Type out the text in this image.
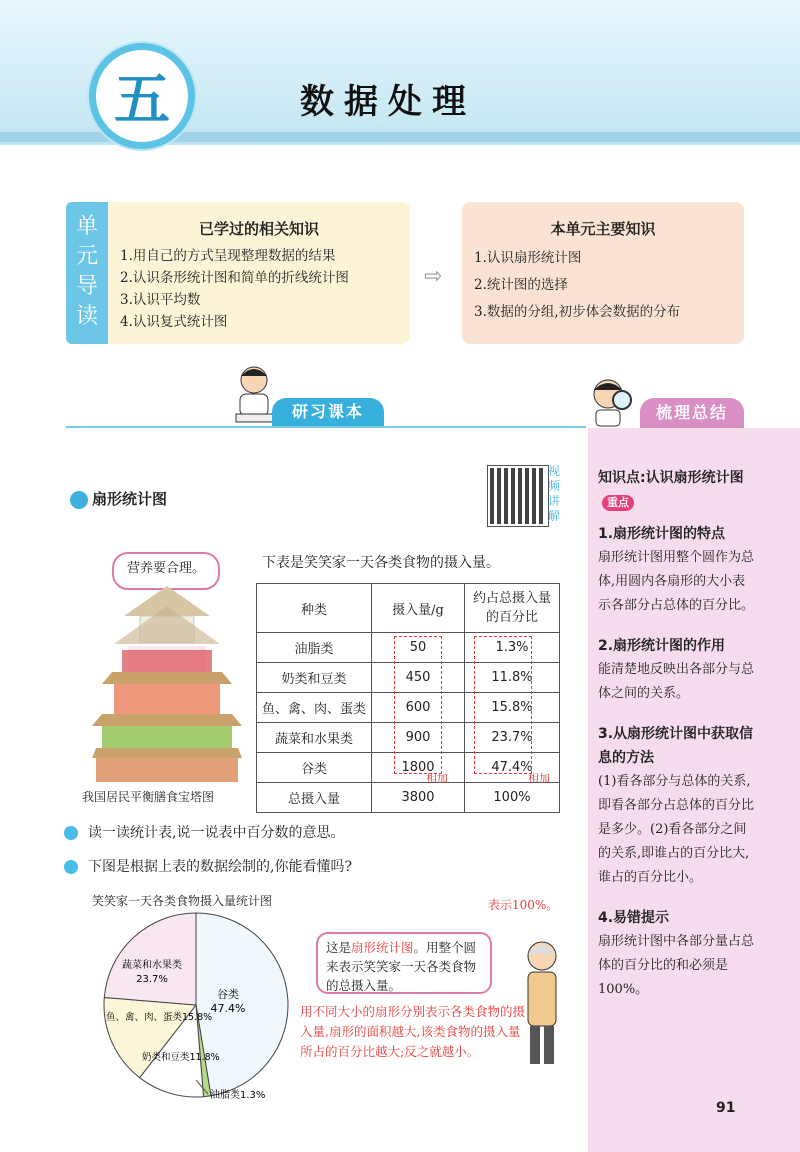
五	数据处理
单元导读
已学过的相关知识
1.用自己的方式呈现整理数据的结果
2.认识条形统计图和简单的折线统计图
3.认识平均数
4.认识复式统计图
⇨
本单元主要知识
1.认识扇形统计图
2.统计图的选择
3.数据的分组,初步体会数据的分布
研习课本	梳理总结
知识点:认识扇形统计图重点
1.扇形统计图的特点
扇形统计图用整个圆作为总体,用圆内各扇形的大小表示各部分占总体的百分比。
2.扇形统计图的作用
能清楚地反映出各部分与总体之间的关系。
3.从扇形统计图中获取信息的方法
(1)看各部分与总体的关系,即看各部分占总体的百分比是多少。(2)看各部分之间的关系,即谁占的百分比大,谁占的百分比小。
4.易错提示
扇形统计图中各部分量占总体的百分比的和必须是100%。
扇形统计图
视频讲解
营养要合理。
我国居民平衡膳食宝塔图
下表是笑笑家一天各类食物的摄入量。
种类	摄入量/g	约占总摄入量的百分比

油脂类	50	1.3%
奶类和豆类	450	11.8%
鱼、禽、肉、蛋类	600	15.8%
蔬菜和水果类	900	23.7%
谷类	1800	47.4%
总摄入量	3800	100%
相加	相加
读一读统计表,说一说表中百分数的意思。
下图是根据上表的数据绘制的,你能看懂吗?
笑笑家一天各类食物摄入量统计图
谷类
47.4%
蔬菜和水果类
23.7%
鱼、禽、肉、蛋类15.8%
奶类和豆类11.8%
油脂类1.3%
表示100%。
这是扇形统计图。用整个圆来表示笑笑家一天各类食物的总摄入量。
用不同大小的扇形分别表示各类食物的摄入量,扇形的面积越大,该类食物的摄入量所占的百分比越大;反之就越小。
91
